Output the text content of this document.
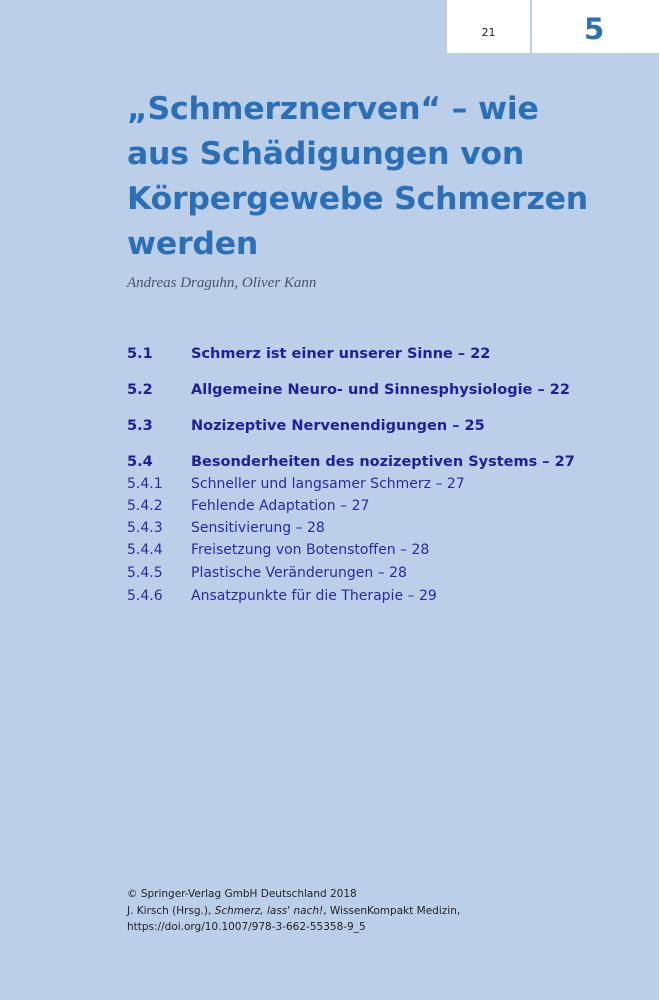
21	5
„Schmerznerven“ – wie aus Schädigungen von Körpergewebe Schmerzen werden
Andreas Draguhn, Oliver Kann
5.1	Schmerz ist einer unserer Sinne – 22
5.2	Allgemeine Neuro- und Sinnesphysiologie – 22
5.3	Nozizeptive Nervenendigungen – 25
5.4	Besonderheiten des nozizeptiven Systems – 27
5.4.1 Schneller und langsamer Schmerz – 27
5.4.2 Fehlende Adaptation – 27
5.4.3 Sensitivierung – 28
5.4.4 Freisetzung von Botenstoffen – 28
5.4.5 Plastische Veränderungen – 28
5.4.6 Ansatzpunkte für die Therapie – 29
© Springer-Verlag GmbH Deutschland 2018
J. Kirsch (Hrsg.), Schmerz, lass' nach!, WissenKompakt Medizin,
https://doi.org/10.1007/978-3-662-55358-9_5
